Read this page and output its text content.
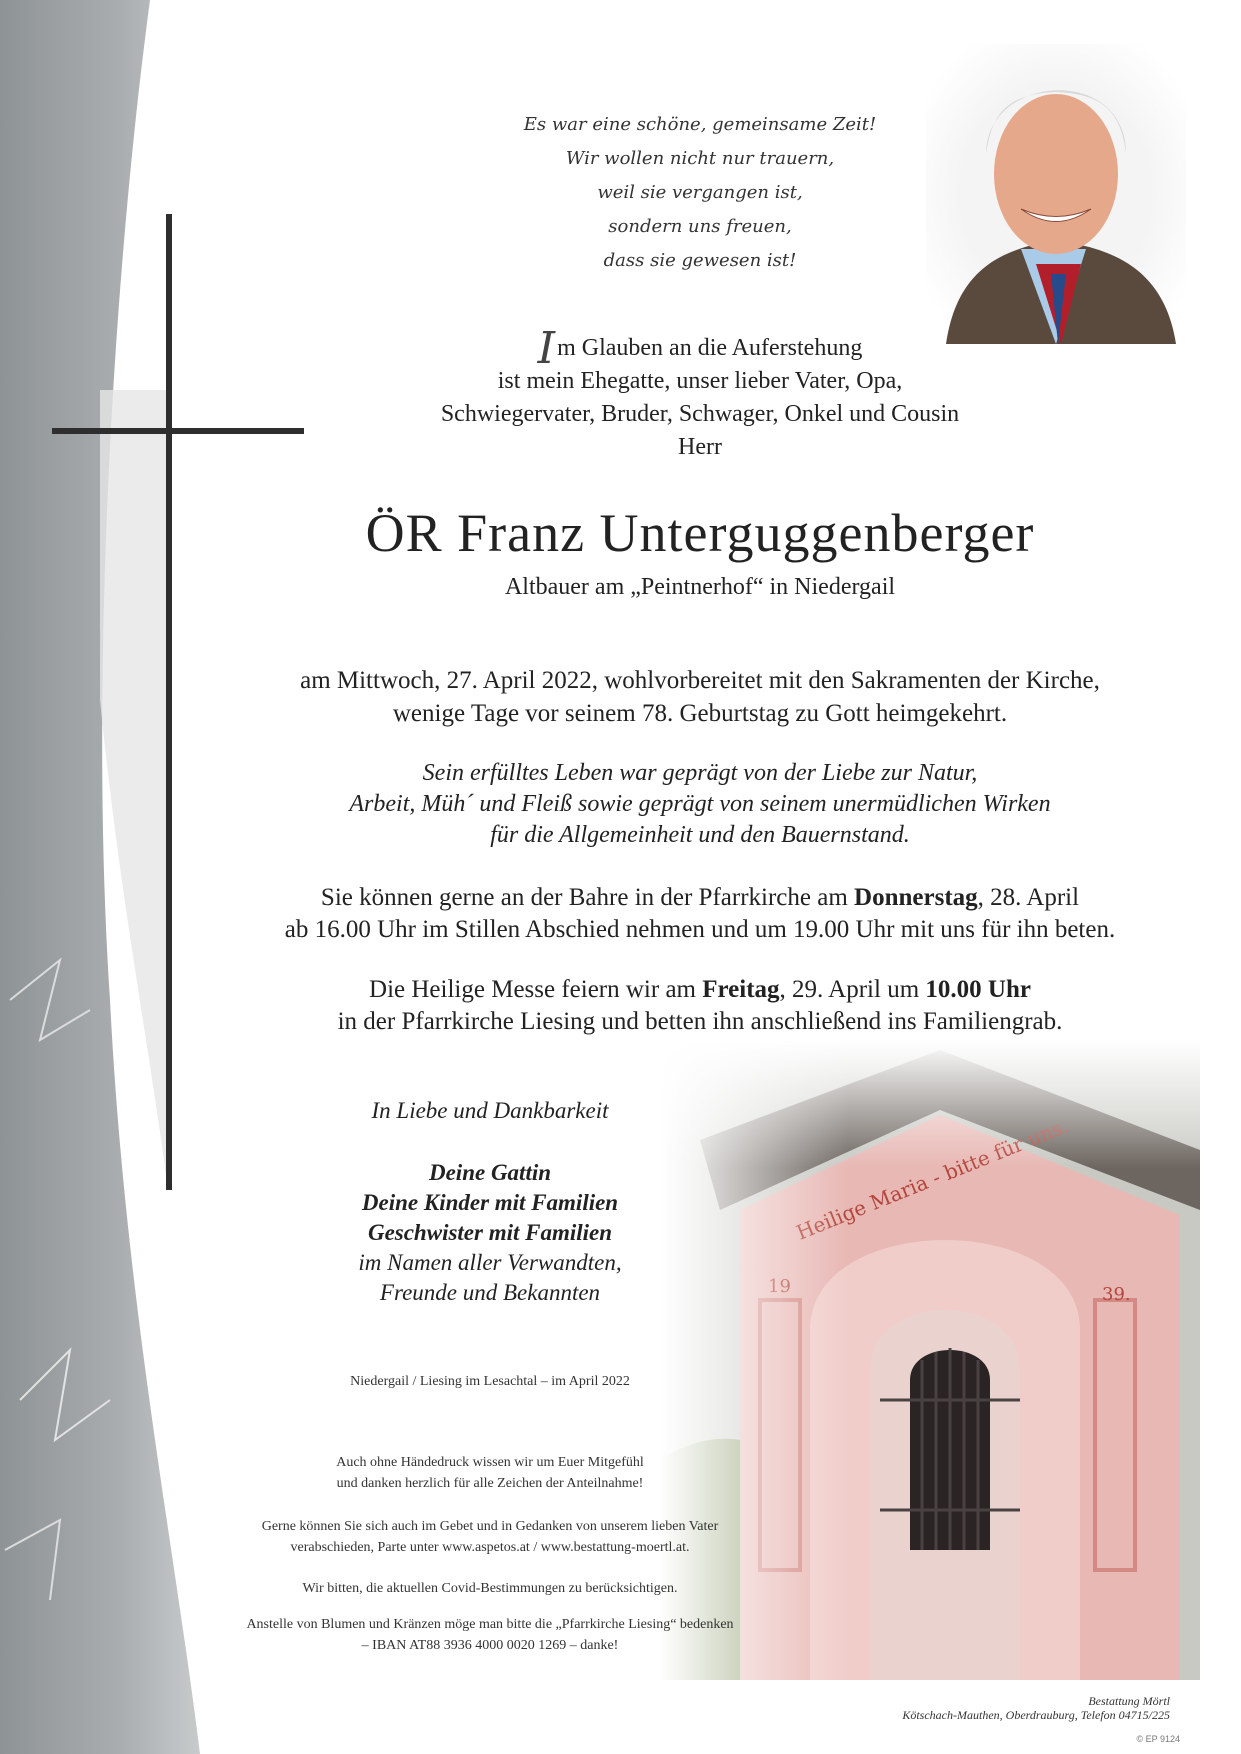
Es war eine schöne, gemeinsame Zeit!
Wir wollen nicht nur trauern,
weil sie vergangen ist,
sondern uns freuen,
dass sie gewesen ist!
Im Glauben an die Auferstehung
ist mein Ehegatte, unser lieber Vater, Opa,
Schwiegervater, Bruder, Schwager, Onkel und Cousin
Herr
ÖR Franz Unterguggenberger
Altbauer am „Peintnerhof“ in Niedergail
am Mittwoch, 27. April 2022, wohlvorbereitet mit den Sakramenten der Kirche,
wenige Tage vor seinem 78. Geburtstag zu Gott heimgekehrt.
Sein erfülltes Leben war geprägt von der Liebe zur Natur,
Arbeit, Müh´ und Fleiß sowie geprägt von seinem unermüdlichen Wirken
für die Allgemeinheit und den Bauernstand.
Sie können gerne an der Bahre in der Pfarrkirche am Donnerstag, 28. April
ab 16.00 Uhr im Stillen Abschied nehmen und um 19.00 Uhr mit uns für ihn beten.
Die Heilige Messe feiern wir am Freitag, 29. April um 10.00 Uhr
in der Pfarrkirche Liesing und betten ihn anschließend ins Familiengrab.
In Liebe und Dankbarkeit
Deine Gattin
Deine Kinder mit Familien
Geschwister mit Familien
im Namen aller Verwandten,
Freunde und Bekannten
Niedergail / Liesing im Lesachtal – im April 2022
Auch ohne Händedruck wissen wir um Euer Mitgefühl
und danken herzlich für alle Zeichen der Anteilnahme!
Gerne können Sie sich auch im Gebet und in Gedanken von unserem lieben Vater
verabschieden, Parte unter www.aspetos.at / www.bestattung-moertl.at.
Wir bitten, die aktuellen Covid-Bestimmungen zu berücksichtigen.
Anstelle von Blumen und Kränzen möge man bitte die „Pfarrkirche Liesing“ bedenken
– IBAN AT88 3936 4000 0020 1269 – danke!
Bestattung Mörtl
Kötschach-Mauthen, Oberdrauburg, Telefon 04715/225
© EP 9124
